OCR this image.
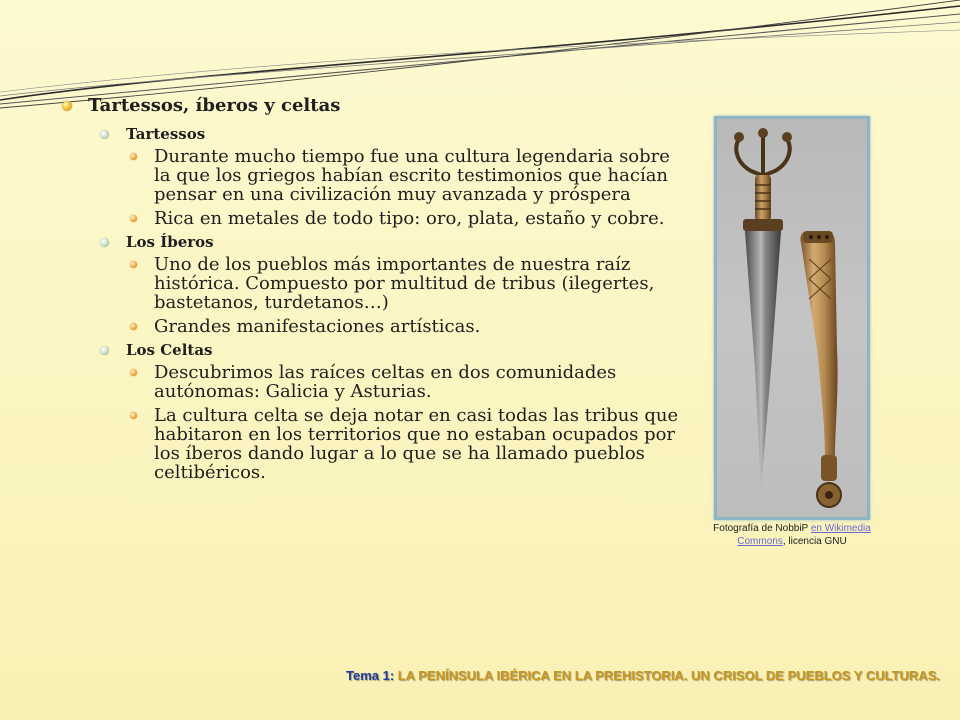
Tartessos, íberos y celtas
Tartessos
Durante mucho tiempo fue una cultura legendaria sobre la que los griegos habían escrito testimonios que hacían pensar en una civilización muy avanzada y próspera
Rica en metales de todo tipo: oro, plata, estaño y cobre.
Los Íberos
Uno de los pueblos más importantes de nuestra raíz histórica. Compuesto por multitud de tribus (ilegertes, bastetanos, turdetanos…)
Grandes manifestaciones artísticas.
Los Celtas
Descubrimos las raíces celtas en dos comunidades autónomas: Galicia y Asturias.
La cultura celta se deja notar en casi todas las tribus que habitaron en los territorios que no estaban ocupados por los íberos dando lugar a lo que se ha llamado pueblos celtibéricos.
Fotografía de NobbiP en Wikimedia Commons, licencia GNU
Tema 1: LA PENÍNSULA IBÉRICA EN LA PREHISTORIA. UN CRISOL DE PUEBLOS Y CULTURAS.
